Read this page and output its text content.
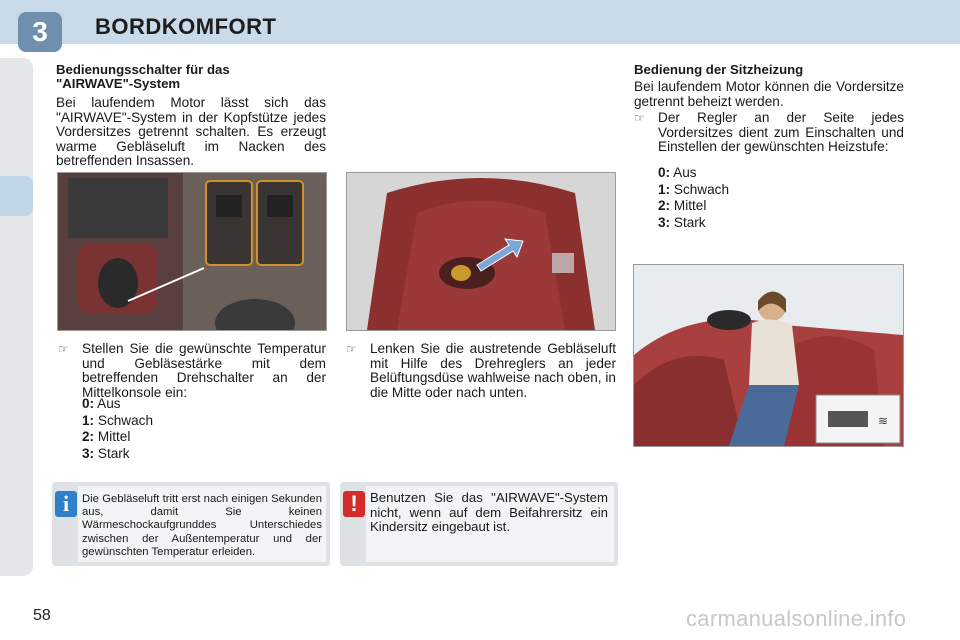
3	BORDKOMFORT
Bedienungsschalter für das "AIRWAVE"-System
Bei laufendem Motor lässt sich das "AIRWAVE"-System in der Kopfstütze jedes Vordersitzes getrennt schalten. Es erzeugt warme Gebläseluft im Nacken des betreffenden Insassen.
☞ Stellen Sie die gewünschte Temperatur und Gebläsestärke mit dem betreffenden Drehschalter an der Mittelkonsole ein:
0: Aus
1: Schwach
2: Mittel
3: Stark
i	Die Gebläseluft tritt erst nach einigen Sekunden aus, damit Sie keinen Wärmeschockaufgrunddes Unterschiedes zwischen der Außentemperatur und der gewünschten Temperatur erleiden.
☞ Lenken Sie die austretende Gebläseluft mit Hilfe des Drehreglers an jeder Belüftungsdüse wahlweise nach oben, in die Mitte oder nach unten.
! Benutzen Sie das "AIRWAVE"-System nicht, wenn auf dem Beifahrersitz ein Kindersitz eingebaut ist.
Bedienung der Sitzheizung
Bei laufendem Motor können die Vordersitze getrennt beheizt werden.
☞ Der Regler an der Seite jedes Vordersitzes dient zum Einschalten und Einstellen der gewünschten Heizstufe:
0: Aus
1: Schwach
2: Mittel
3: Stark
≋
58	carmanualsonline.info
